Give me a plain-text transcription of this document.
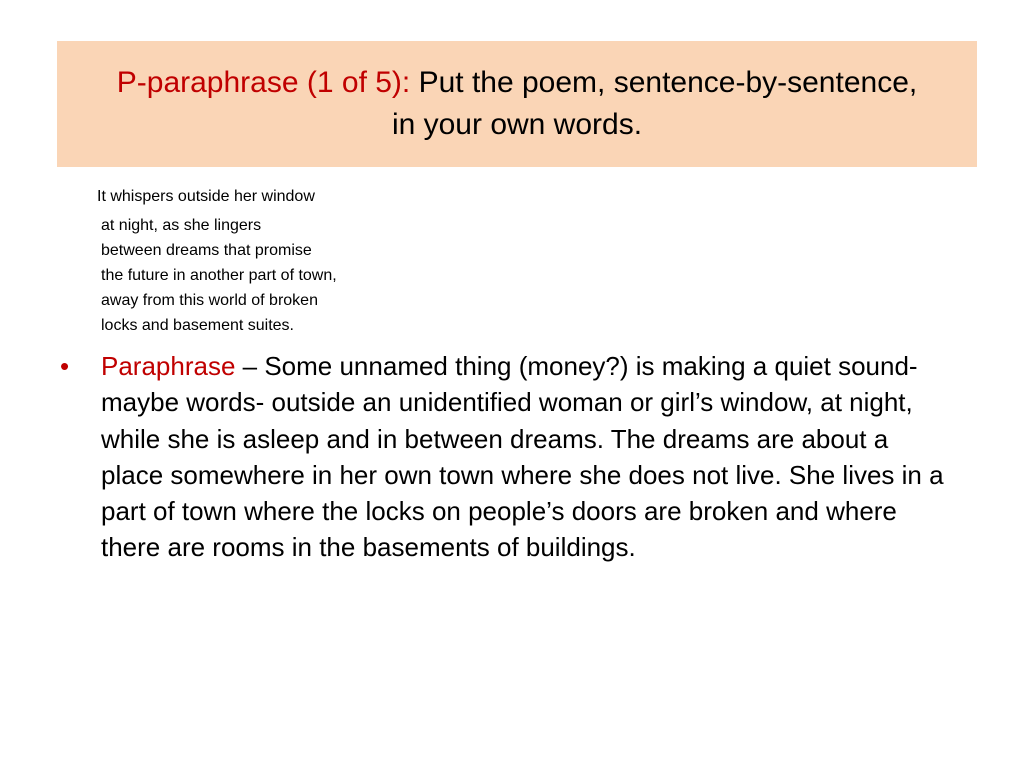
P-paraphrase (1 of 5): Put the poem, sentence-by-sentence, in your own words.
It whispers outside her window
at night, as she lingers
between dreams that promise
the future in another part of town,
away from this world of broken
locks and basement suites.
• Paraphrase – Some unnamed thing (money?) is making a quiet sound- maybe words- outside an unidentified woman or girl’s window, at night, while she is asleep and in between dreams. The dreams are about a place somewhere in her own town where she does not live. She lives in a part of town where the locks on people’s doors are broken and where there are rooms in the basements of buildings.
